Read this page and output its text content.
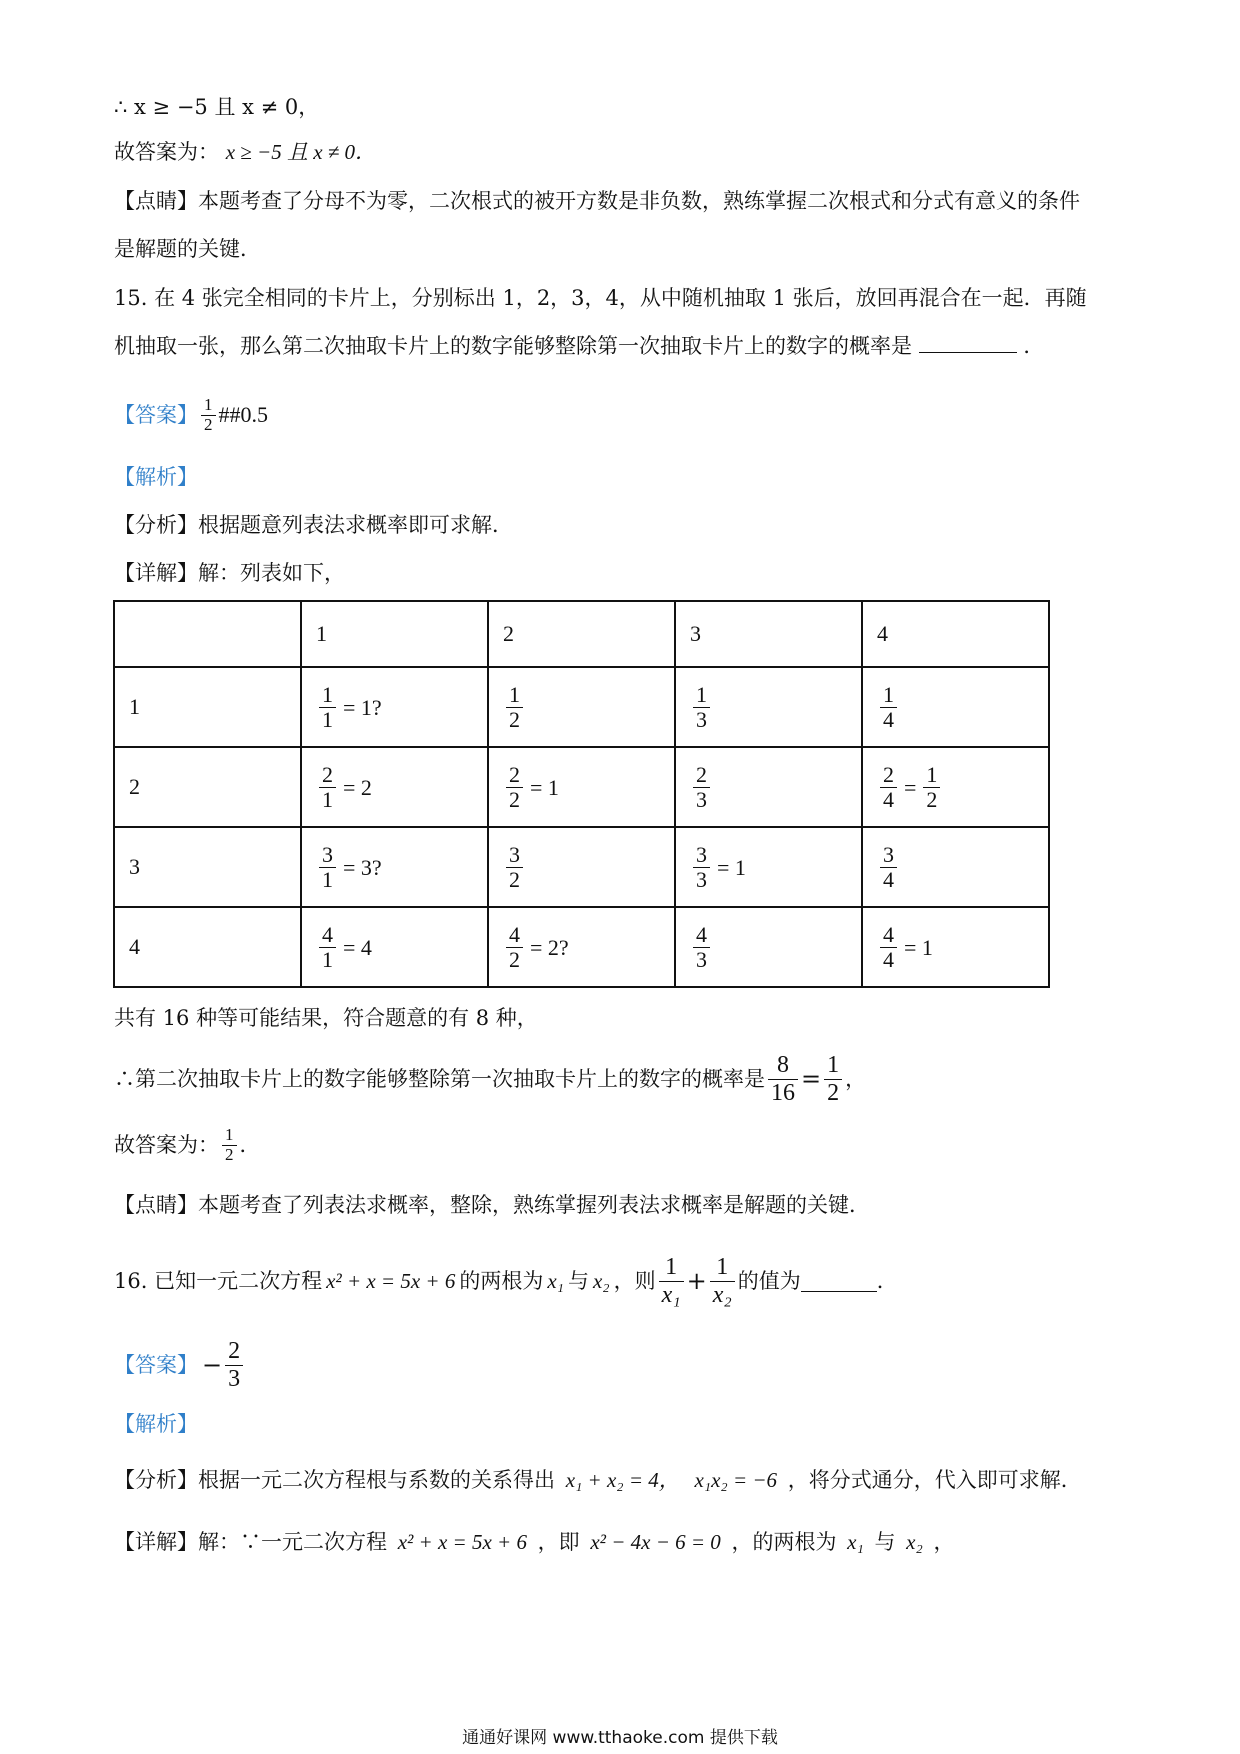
∴ x ≥ −5 且 x ≠ 0，
故答案为： x ≥ −5 且 x ≠ 0．
【点睛】本题考查了分母不为零，二次根式的被开方数是非负数，熟练掌握二次根式和分式有意义的条件
是解题的关键．
15. 在 4 张完全相同的卡片上，分别标出 1，2，3，4，从中随机抽取 1 张后，放回再混合在一起．再随
机抽取一张，那么第二次抽取卡片上的数字能够整除第一次抽取卡片上的数字的概率是	．
【答案】 $\frac{1}{2}$ ##0.5
【解析】
【分析】根据题意列表法求概率即可求解．
【详解】解：列表如下，
	1	2	3	4
1	$\frac{1}{1} = 1$?	$\frac{1}{2}$	$\frac{1}{3}$	$\frac{1}{4}$

2	$\frac{2}{1} = 2$	$\frac{2}{2} = 1$	$\frac{2}{3}$	$\frac{2}{4} = \frac{1}{2}$

3	$\frac{3}{1} = 3$?	$\frac{3}{2}$	$\frac{3}{3} = 1$	$\frac{3}{4}$

4	$\frac{4}{1} = 4$	$\frac{4}{2} = 2$?	$\frac{4}{3}$	$\frac{4}{4} = 1$
共有 16 种等可能结果，符合题意的有 8 种，
∴第二次抽取卡片上的数字能够整除第一次抽取卡片上的数字的概率是 $\frac{8}{16} = \frac{1}{2}$ ，
故答案为： $\frac{1}{2}$ ．
【点睛】本题考查了列表法求概率，整除，熟练掌握列表法求概率是解题的关键．
16. 已知一元二次方程 x² + x = 5x + 6 的两根为 x₁ 与 x₂ ，则 $\frac{1}{\text{x₁}} + \frac{1}{\text{x₂}}$ 的值为	．
【答案】 − $\frac{2}{3}$
【解析】
【分析】根据一元二次方程根与系数的关系得出 x₁ + x₂ = 4， x₁x₂ = −6 ，将分式通分，代入即可求解．
【详解】解：∵一元二次方程 x² + x = 5x + 6 ，即 x² − 4x − 6 = 0 ，的两根为 x₁ 与 x₂ ，
通通好课网 www.tthaoke.com 提供下载
